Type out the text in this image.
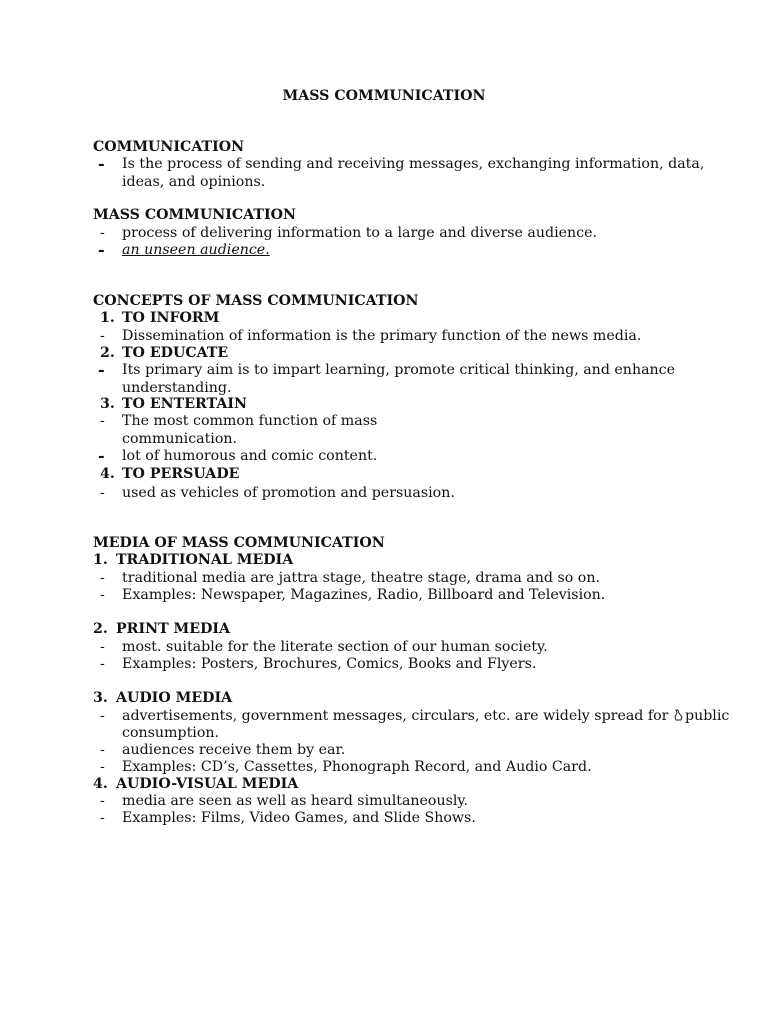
MASS COMMUNICATION
COMMUNICATION
- Is the process of sending and receiving messages, exchanging information, data,
ideas, and opinions.
MASS COMMUNICATION
- process of delivering information to a large and diverse audience.
- an unseen audience.
CONCEPTS OF MASS COMMUNICATION
1. TO INFORM
- Dissemination of information is the primary function of the news media.
2. TO EDUCATE
- Its primary aim is to impart learning, promote critical thinking, and enhance
understanding.
3. TO ENTERTAIN
- The most common function of mass
communication.
- lot of humorous and comic content.
4. TO PERSUADE
- used as vehicles of promotion and persuasion.
MEDIA OF MASS COMMUNICATION
1. TRADITIONAL MEDIA
- traditional media are jattra stage, theatre stage, drama and so on.
- Examples: Newspaper, Magazines, Radio, Billboard and Television.
2. PRINT MEDIA
- most. suitable for the literate section of our human society.
- Examples: Posters, Brochures, Comics, Books and Flyers.
3. AUDIO MEDIA
- advertisements, government messages, circulars, etc. are widely spread for public
consumption.
- audiences receive them by ear.
- Examples: CD’s, Cassettes, Phonograph Record, and Audio Card.
4. AUDIO-VISUAL MEDIA
- media are seen as well as heard simultaneously.
- Examples: Films, Video Games, and Slide Shows.
